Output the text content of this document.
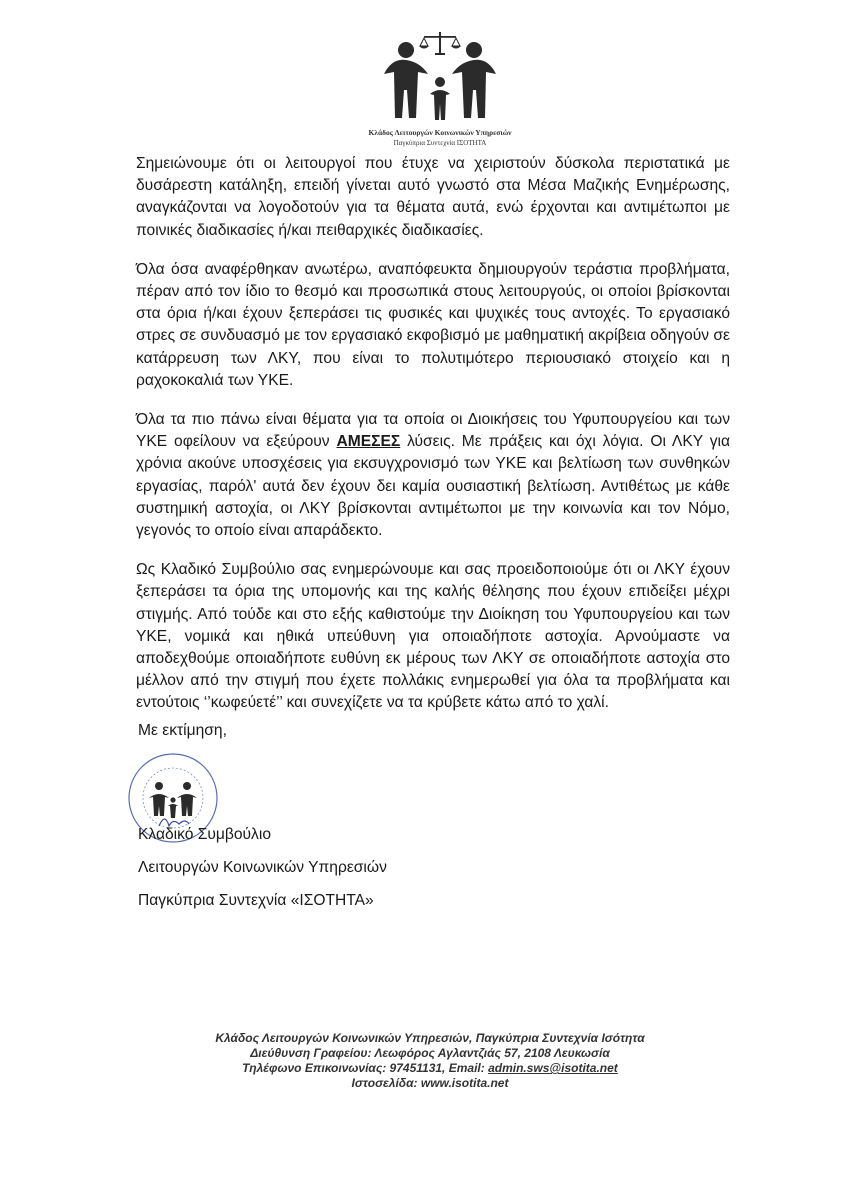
Κλάδος Λειτουργών Κοινωνικών Υπηρεσιών
Παγκύπρια Συντεχνία ΙΣΟΤΗΤΑ

Σημειώνουμε ότι οι λειτουργοί που έτυχε να χειριστούν δύσκολα περιστατικά με δυσάρεστη κατάληξη, επειδή γίνεται αυτό γνωστό στα Μέσα Μαζικής Ενημέρωσης, αναγκάζονται να λογοδοτούν για τα θέματα αυτά, ενώ έρχονται και αντιμέτωποι με ποινικές διαδικασίες ή/και πειθαρχικές διαδικασίες.

Όλα όσα αναφέρθηκαν ανωτέρω, αναπόφευκτα δημιουργούν τεράστια προβλήματα, πέραν από τον ίδιο το θεσμό και προσωπικά στους λειτουργούς, οι οποίοι βρίσκονται στα όρια ή/και έχουν ξεπεράσει τις φυσικές και ψυχικές τους αντοχές. Το εργασιακό στρες σε συνδυασμό με τον εργασιακό εκφοβισμό με μαθηματική ακρίβεια οδηγούν σε κατάρρευση των ΛΚΥ, που είναι το πολυτιμότερο περιουσιακό στοιχείο και η ραχοκοκαλιά των ΥΚΕ.

Όλα τα πιο πάνω είναι θέματα για τα οποία οι Διοικήσεις του Υφυπουργείου και των ΥΚΕ οφείλουν να εξεύρουν ΑΜΕΣΕΣ λύσεις. Με πράξεις και όχι λόγια. Οι ΛΚΥ για χρόνια ακούνε υποσχέσεις για εκσυγχρονισμό των ΥΚΕ και βελτίωση των συνθηκών εργασίας, παρόλ' αυτά δεν έχουν δει καμία ουσιαστική βελτίωση. Αντιθέτως με κάθε συστημική αστοχία, οι ΛΚΥ βρίσκονται αντιμέτωποι με την κοινωνία και τον Νόμο, γεγονός το οποίο είναι απαράδεκτο.

Ως Κλαδικό Συμβούλιο σας ενημερώνουμε και σας προειδοποιούμε ότι οι ΛΚΥ έχουν ξεπεράσει τα όρια της υπομονής και της καλής θέλησης που έχουν επιδείξει μέχρι στιγμής. Από τούδε και στο εξής καθιστούμε την Διοίκηση του Υφυπουργείου και των ΥΚΕ, νομικά και ηθικά υπεύθυνη για οποιαδήποτε αστοχία. Αρνούμαστε να αποδεχθούμε οποιαδήποτε ευθύνη εκ μέρους των ΛΚΥ σε οποιαδήποτε αστοχία στο μέλλον από την στιγμή που έχετε πολλάκις ενημερωθεί για όλα τα προβλήματα και εντούτοις ‘’κωφεύετέ’’ και συνεχίζετε να τα κρύβετε κάτω από το χαλί.

Με εκτίμηση,
Κλαδικό Συμβούλιο
Λειτουργών Κοινωνικών Υπηρεσιών
Παγκύπρια Συντεχνία «ΙΣΟΤΗΤΑ»
Κλάδος Λειτουργών Κοινωνικών Υπηρεσιών, Παγκύπρια Συντεχνία Ισότητα
Διεύθυνση Γραφείου: Λεωφόρος Αγλαντζιάς 57, 2108 Λευκωσία
Τηλέφωνο Επικοινωνίας: 97451131, Email: admin.sws@isotita.net
Ιστοσελίδα: www.isotita.net
